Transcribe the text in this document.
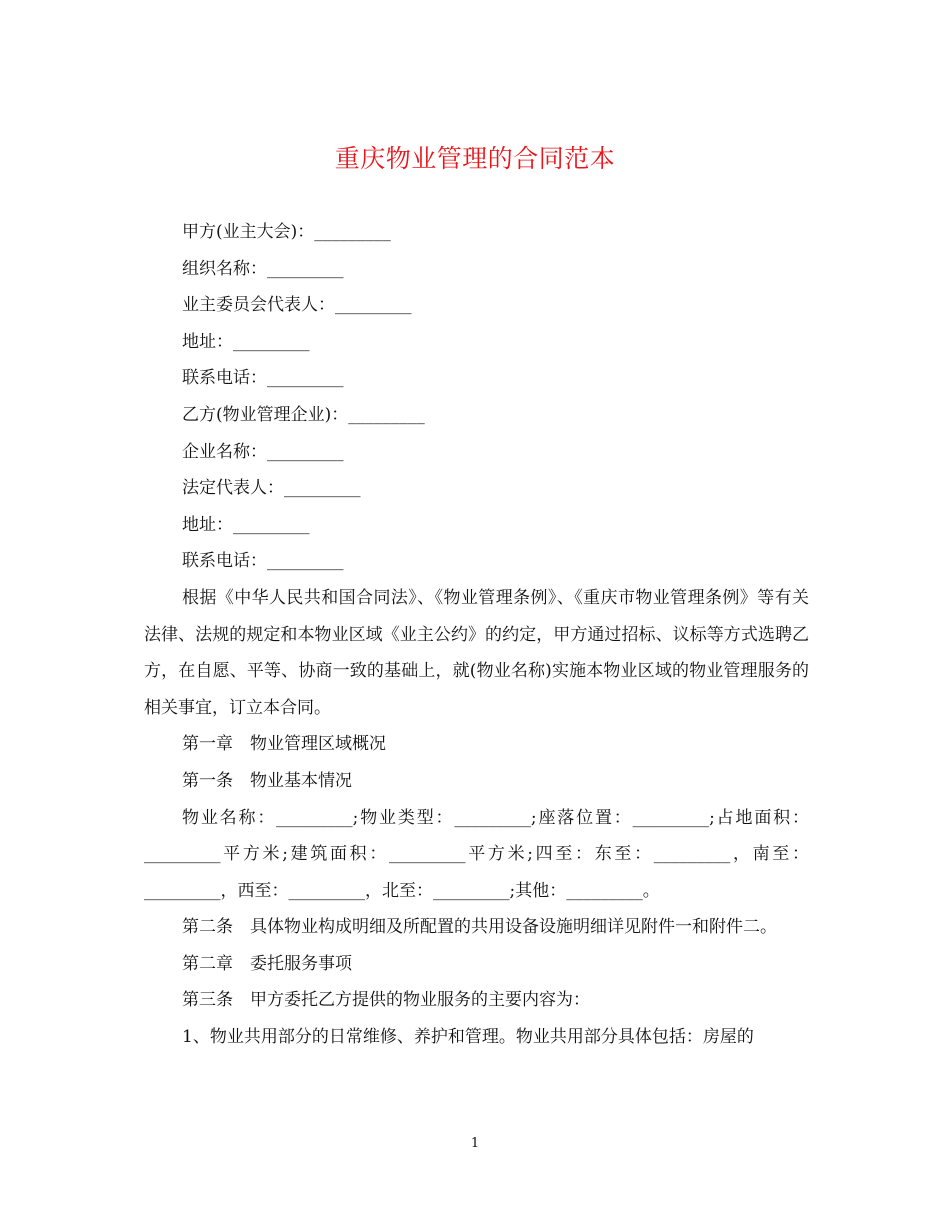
重庆物业管理的合同范本

甲方(业主大会)：_________

组织名称：_________

业主委员会代表人：_________

地址：_________

联系电话：_________

乙方(物业管理企业)：_________

企业名称：_________

法定代表人：_________

地址：_________

联系电话：_________

根据《中华人民共和国合同法》、《物业管理条例》、《重庆市物业管理条例》等有关法律、法规的规定和本物业区域《业主公约》的约定，甲方通过招标、议标等方式选聘乙方，在自愿、平等、协商一致的基础上，就(物业名称)实施本物业区域的物业管理服务的相关事宜，订立本合同。

第一章　物业管理区域概况

第一条　物业基本情况

物业名称：_________;物业类型：_________;座落位置：_________;占地面积：_________平方米;建筑面积：_________平方米;四至：东至：_________，南至：_________，西至：_________，北至：_________;其他：_________。

第二条　具体物业构成明细及所配置的共用设备设施明细详见附件一和附件二。

第二章　委托服务事项

第三条　甲方委托乙方提供的物业服务的主要内容为：

1、物业共用部分的日常维修、养护和管理。物业共用部分具体包括：房屋的

1
